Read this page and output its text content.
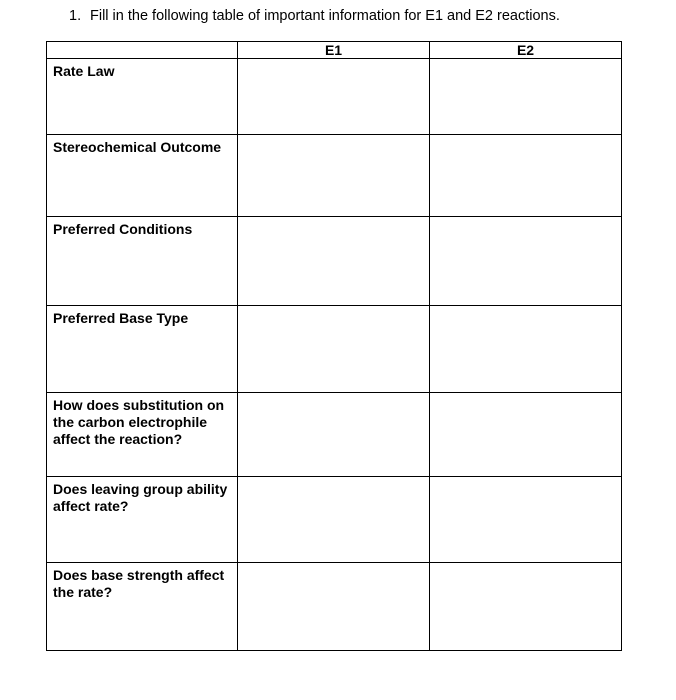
1. Fill in the following table of important information for E1 and E2 reactions.
	E1	E2

Rate Law		

Stereochemical Outcome		

Preferred Conditions		

Preferred Base Type		

How does substitution on the carbon electrophile affect the reaction?		

Does leaving group ability affect rate?		

Does base strength affect the rate?		
